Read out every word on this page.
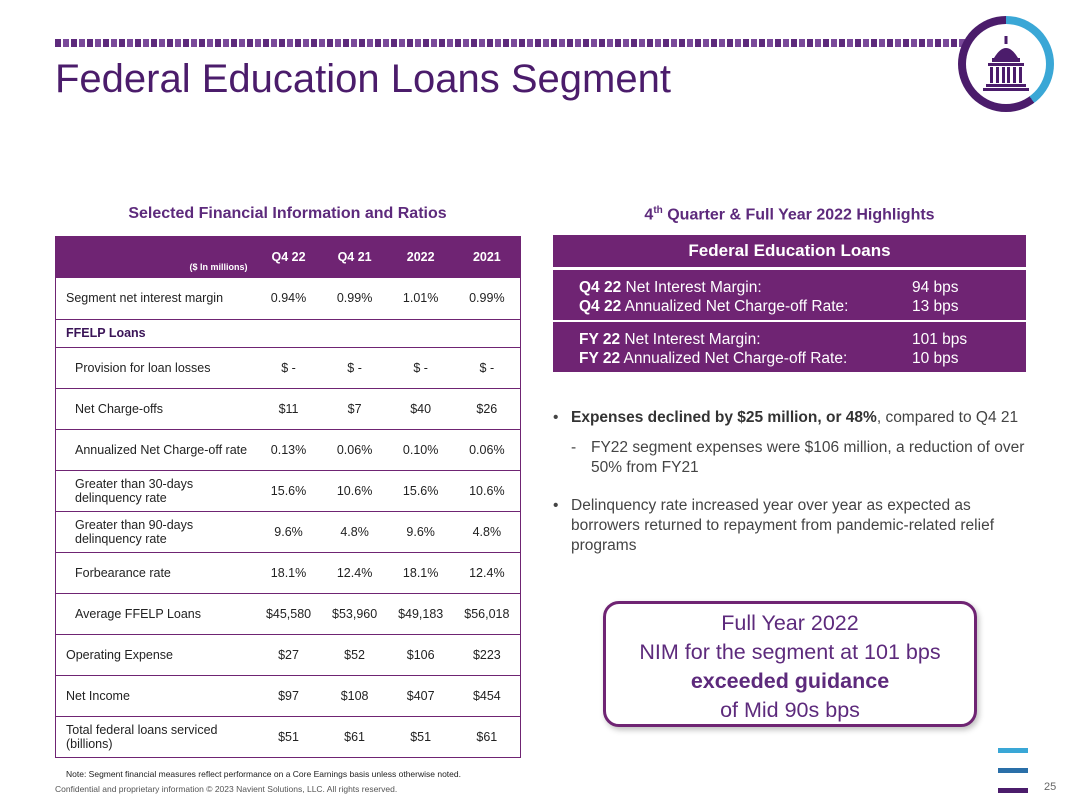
Federal Education Loans Segment
Selected Financial Information and Ratios	4th Quarter & Full Year 2022 Highlights
($ In millions)	Q4 22	Q4 21	2022	2021
Segment net interest margin	0.94%	0.99%	1.01%	0.99%
FFELP Loans				
Provision for loan losses	$ -	$ -	$ -	$ -
Net Charge-offs	$11	$7	$40	$26
Annualized Net Charge-off rate	0.13%	0.06%	0.10%	0.06%
Greater than 30-days delinquency rate	15.6%	10.6%	15.6%	10.6%
Greater than 90-days delinquency rate	9.6%	4.8%	9.6%	4.8%
Forbearance rate	18.1%	12.4%	18.1%	12.4%
Average FFELP Loans	$45,580	$53,960	$49,183	$56,018
Operating Expense	$27	$52	$106	$223
Net Income	$97	$108	$407	$454
Total federal loans serviced (billions)	$51	$61	$51	$61
Federal Education Loans
Q4 22 Net Interest Margin:	94 bps
Q4 22 Annualized Net Charge-off Rate:	13 bps
FY 22 Net Interest Margin:	101 bps
FY 22 Annualized Net Charge-off Rate:	10 bps
• Expenses declined by $25 million, or 48%, compared to Q4 21
- FY22 segment expenses were $106 million, a reduction of over 50% from FY21
• Delinquency rate increased year over year as expected as borrowers returned to repayment from pandemic-related relief programs
Full Year 2022
NIM for the segment at 101 bps
exceeded guidance
of Mid 90s bps
Note: Segment financial measures reflect performance on a Core Earnings basis unless otherwise noted.
Confidential and proprietary information © 2023 Navient Solutions, LLC. All rights reserved.	25
